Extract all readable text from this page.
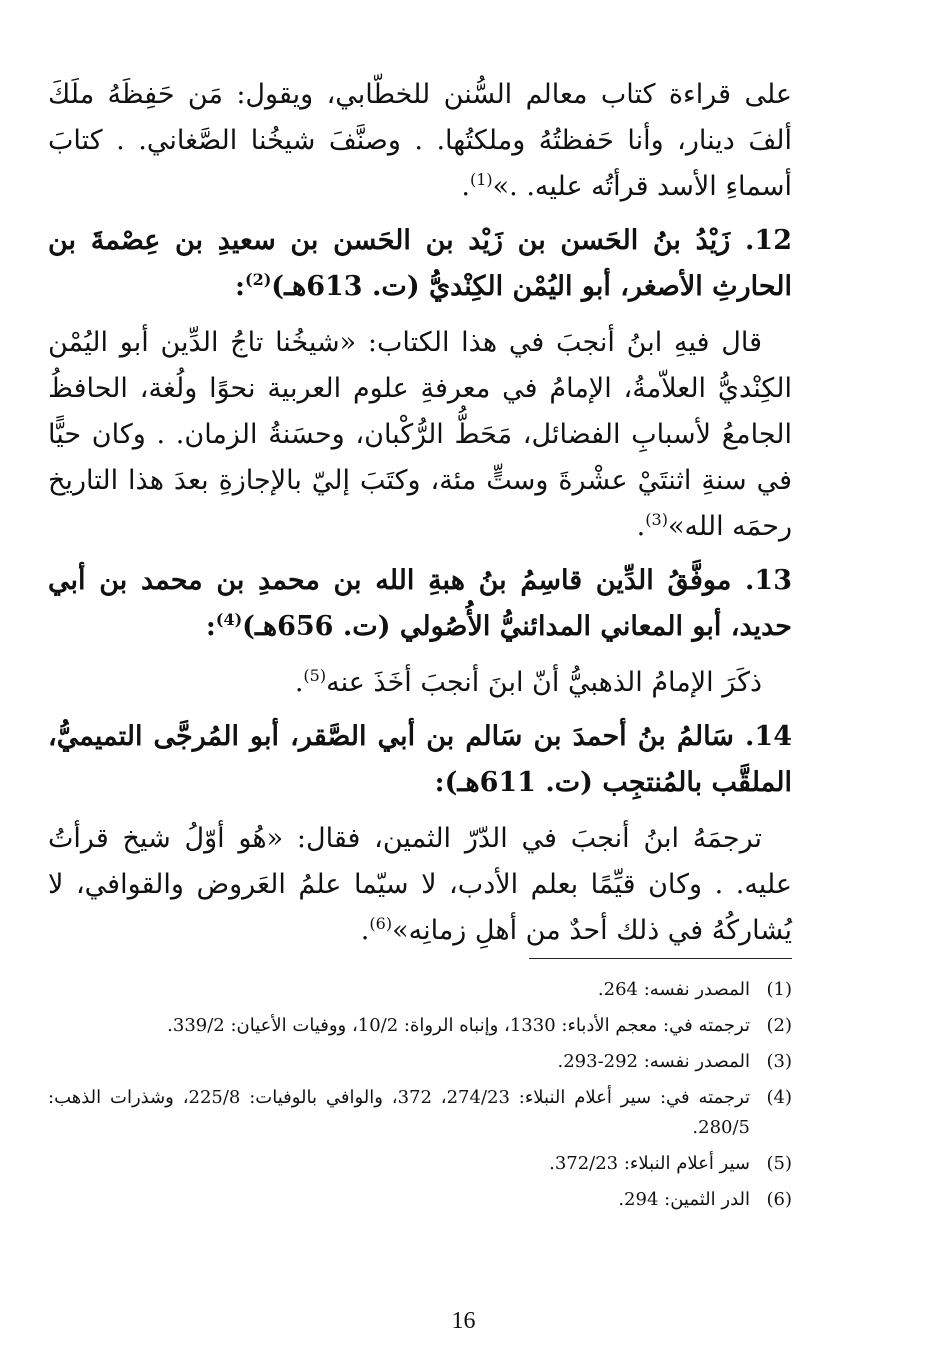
على قراءة كتاب معالم السُّنن للخطّابي، ويقول: مَن حَفِظَهُ ملَكَ ألفَ دينار، وأنا حَفظتُهُ وملكتُها. . وصنَّفَ شيخُنا الصَّغاني. . كتابَ أسماءِ الأسد قرأتُه عليه. .»$^{(1)}$.

12. زَيْدُ بنُ الحَسن بن زَيْد بن الحَسن بن سعيدِ بن عِصْمةَ بن الحارثِ الأصغر، أبو اليُمْن الكِنْديُّ (ت. 613هـ)$^{(2)}$:

قال فيهِ ابنُ أنجبَ في هذا الكتاب: «شيخُنا تاجُ الدِّين أبو اليُمْن الكِنْديُّ العلاّمةُ، الإمامُ في معرفةِ علوم العربية نحوًا ولُغة، الحافظُ الجامعُ لأسبابِ الفضائل، مَحَطُّ الرُّكْبان، وحسَنةُ الزمان. . وكان حيًّا في سنةِ اثنتَيْ عشْرةَ وستٍّ مئة، وكتَبَ إليّ بالإجازةِ بعدَ هذا التاريخ رحمَه الله»$^{(3)}$.

13. موفَّقُ الدِّين قاسِمُ بنُ هبةِ الله بن محمدِ بن محمد بن أبي حديد، أبو المعاني المدائنيُّ الأُصُولي (ت. 656هـ)$^{(4)}$:

ذكَرَ الإمامُ الذهبيُّ أنّ ابنَ أنجبَ أخَذَ عنه$^{(5)}$.

14. سَالمُ بنُ أحمدَ بن سَالم بن أبي الصَّقر، أبو المُرجَّى التميميُّ، الملقَّب بالمُنتجِب (ت. 611هـ):

ترجمَهُ ابنُ أنجبَ في الدّرّ الثمين، فقال: «هُو أوّلُ شيخ قرأتُ عليه. . وكان قيِّمًا بعلم الأدب، لا سيّما علمُ العَروض والقوافي، لا يُشاركُهُ في ذلك أحدٌ من أهلِ زمانِه»$^{(6)}$.

(1)
المصدر نفسه: 264.
(2)
ترجمته في: معجم الأدباء: 1330، وإنباه الرواة: 10/2، ووفيات الأعيان: 339/2.
(3)
المصدر نفسه: 292-293.
(4)
ترجمته في: سير أعلام النبلاء: 274/23، 372، والوافي بالوفيات: 225/8، وشذرات الذهب: 280/5.
(5)
سير أعلام النبلاء: 372/23.
(6)
الدر الثمين: 294.
16
